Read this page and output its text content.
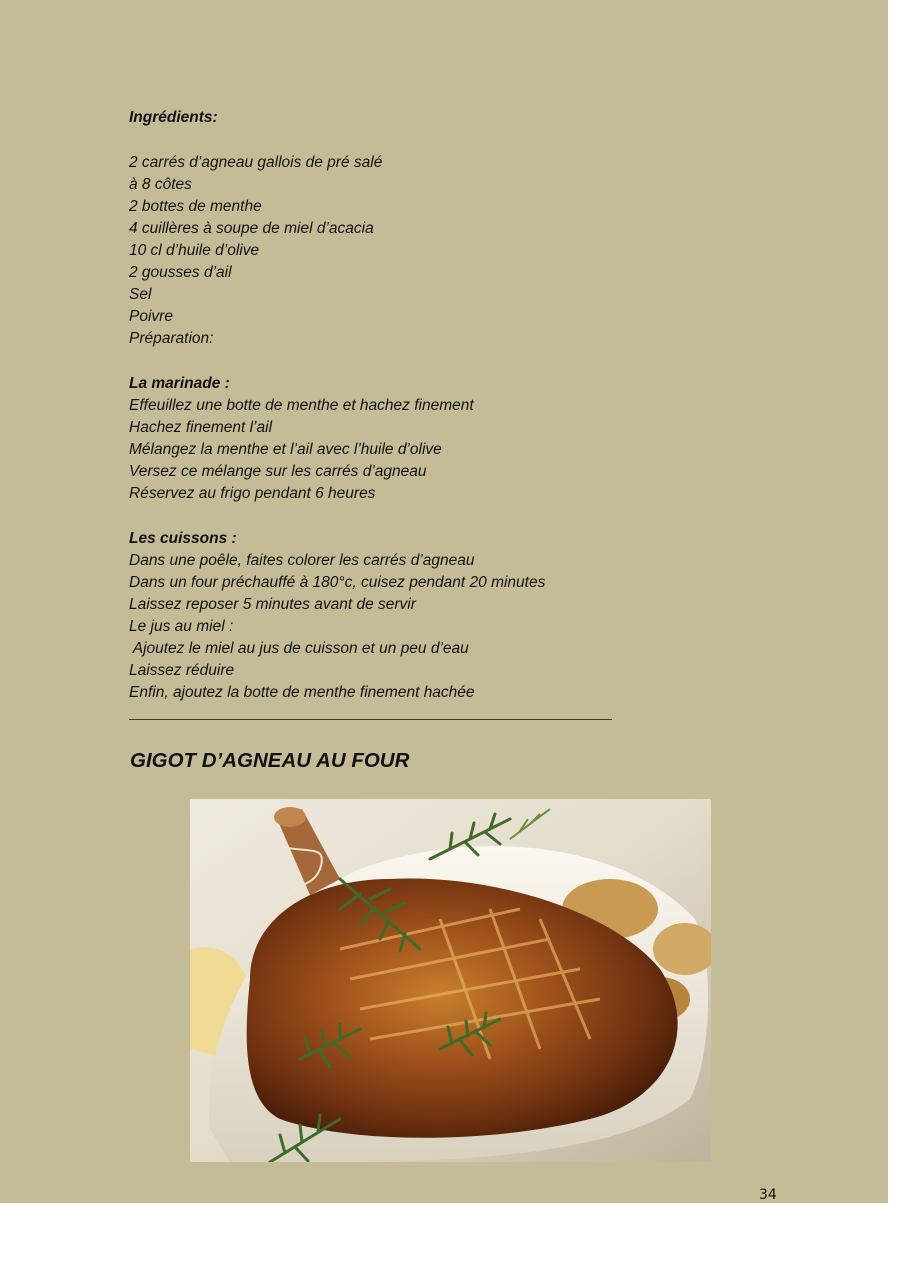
Ingrédients:
2 carrés d’agneau gallois de pré salé
à 8 côtes
2 bottes de menthe
4 cuillères à soupe de miel d’acacia
10 cl d’huile d’olive
2 gousses d’ail
Sel
Poivre
Préparation:
La marinade :
Effeuillez une botte de menthe et hachez finement
Hachez finement l’ail
Mélangez la menthe et l’ail avec l’huile d’olive
Versez ce mélange sur les carrés d’agneau
Réservez au frigo pendant 6 heures
Les cuissons :
Dans une poêle, faites colorer les carrés d’agneau
Dans un four préchauffé à 180°c, cuisez pendant 20 minutes
Laissez reposer 5 minutes avant de servir
Le jus au miel :
Ajoutez le miel au jus de cuisson et un peu d’eau
Laissez réduire
Enfin, ajoutez la botte de menthe finement hachée
GIGOT D’AGNEAU AU FOUR
34
